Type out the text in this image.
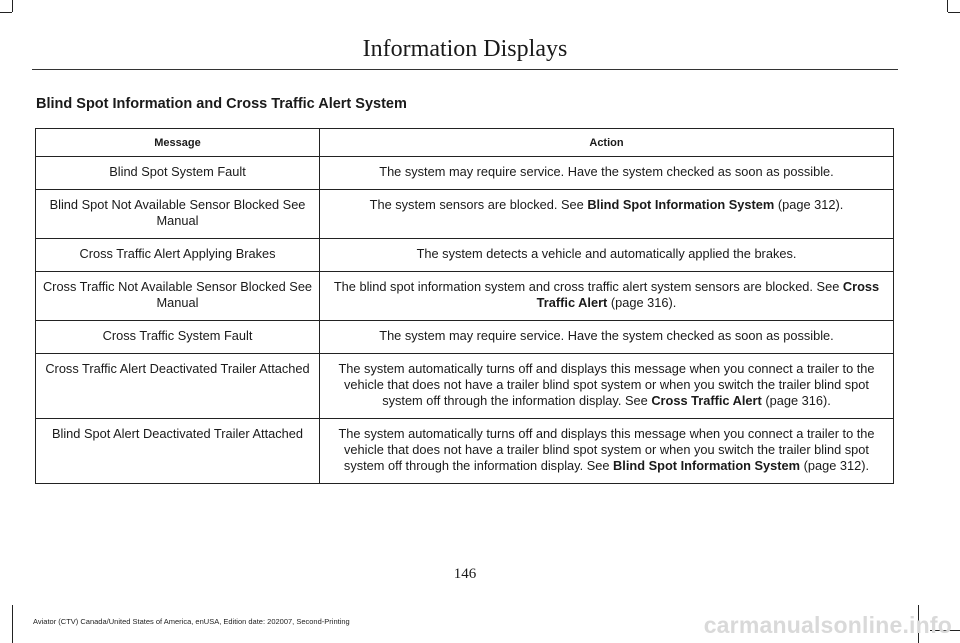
Information Displays
Blind Spot Information and Cross Traffic Alert System
Message	Action
Blind Spot System Fault	The system may require service. Have the system checked as soon as possible.
Blind Spot Not Available Sensor Blocked See Manual	The system sensors are blocked. See Blind Spot Information System (page 312).
Cross Traffic Alert Applying Brakes	The system detects a vehicle and automatically applied the brakes.
Cross Traffic Not Available Sensor Blocked See Manual	The blind spot information system and cross traffic alert system sensors are blocked. See Cross Traffic Alert (page 316).
Cross Traffic System Fault	The system may require service. Have the system checked as soon as possible.
Cross Traffic Alert Deactivated Trailer Attached	The system automatically turns off and displays this message when you connect a trailer to the vehicle that does not have a trailer blind spot system or when you switch the trailer blind spot system off through the information display. See Cross Traffic Alert (page 316).
Blind Spot Alert Deactivated Trailer Attached	The system automatically turns off and displays this message when you connect a trailer to the vehicle that does not have a trailer blind spot system or when you switch the trailer blind spot system off through the information display. See Blind Spot Information System (page 312).
146
Aviator (CTV) Canada/United States of America, enUSA, Edition date: 202007, Second-Printing	carmanualsonline.info
